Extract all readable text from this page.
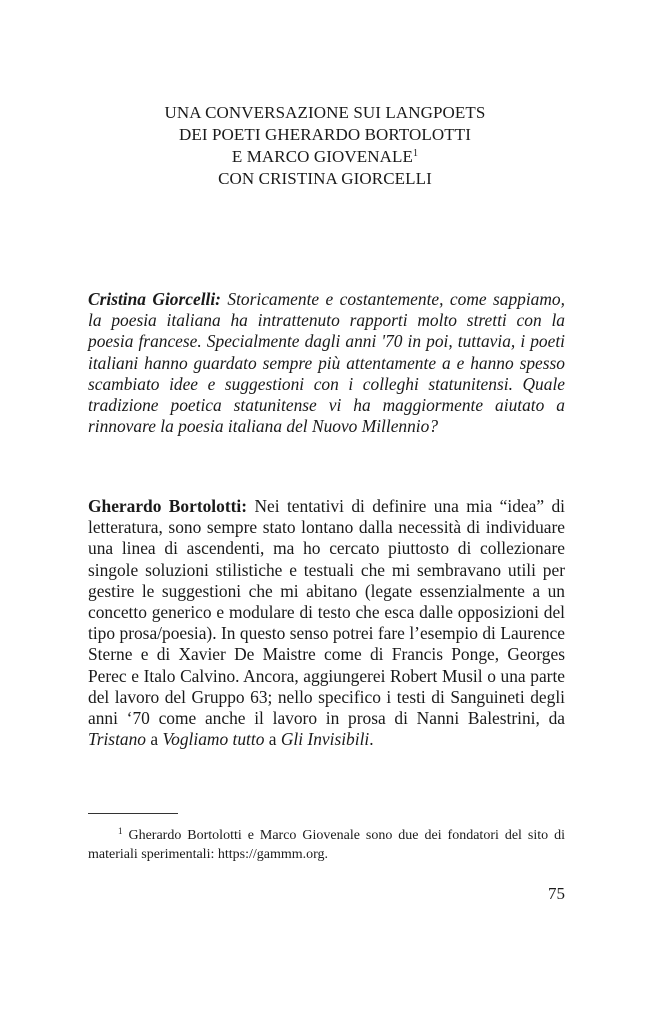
UNA CONVERSAZIONE SUI LANGPOETS
DEI POETI GHERARDO BORTOLOTTI
E MARCO GIOVENALE$^1$
CON CRISTINA GIORCELLI

Cristina Giorcelli: Storicamente e costantemente, come sappiamo, la poesia italiana ha intrattenuto rapporti molto stretti con la poesia francese. Specialmente dagli anni '70 in poi, tuttavia, i poeti italiani hanno guardato sempre più attentamente a e hanno spesso scambiato idee e suggestioni con i colleghi statunitensi. Quale tradizione poetica statunitense vi ha maggiormente aiutato a rinnovare la poesia italiana del Nuovo Millennio?

Gherardo Bortolotti: Nei tentativi di definire una mia “idea” di letteratura, sono sempre stato lontano dalla necessità di individuare una linea di ascendenti, ma ho cercato piuttosto di collezionare singole soluzioni stilistiche e testuali che mi sembravano utili per gestire le suggestioni che mi abitano (legate essenzialmente a un concetto generico e modulare di testo che esca dalle opposizioni del tipo prosa/poesia). In questo senso potrei fare l’esempio di Laurence Sterne e di Xavier De Maistre come di Francis Ponge, Georges Perec e Italo Calvino. Ancora, aggiungerei Robert Musil o una parte del lavoro del Gruppo 63; nello specifico i testi di Sanguineti degli anni ‘70 come anche il lavoro in prosa di Nanni Balestrini, da Tristano a Vogliamo tutto a Gli Invisibili.

$^1$ Gherardo Bortolotti e Marco Giovenale sono due dei fondatori del sito di materiali sperimentali: https://gammm.org.

75
